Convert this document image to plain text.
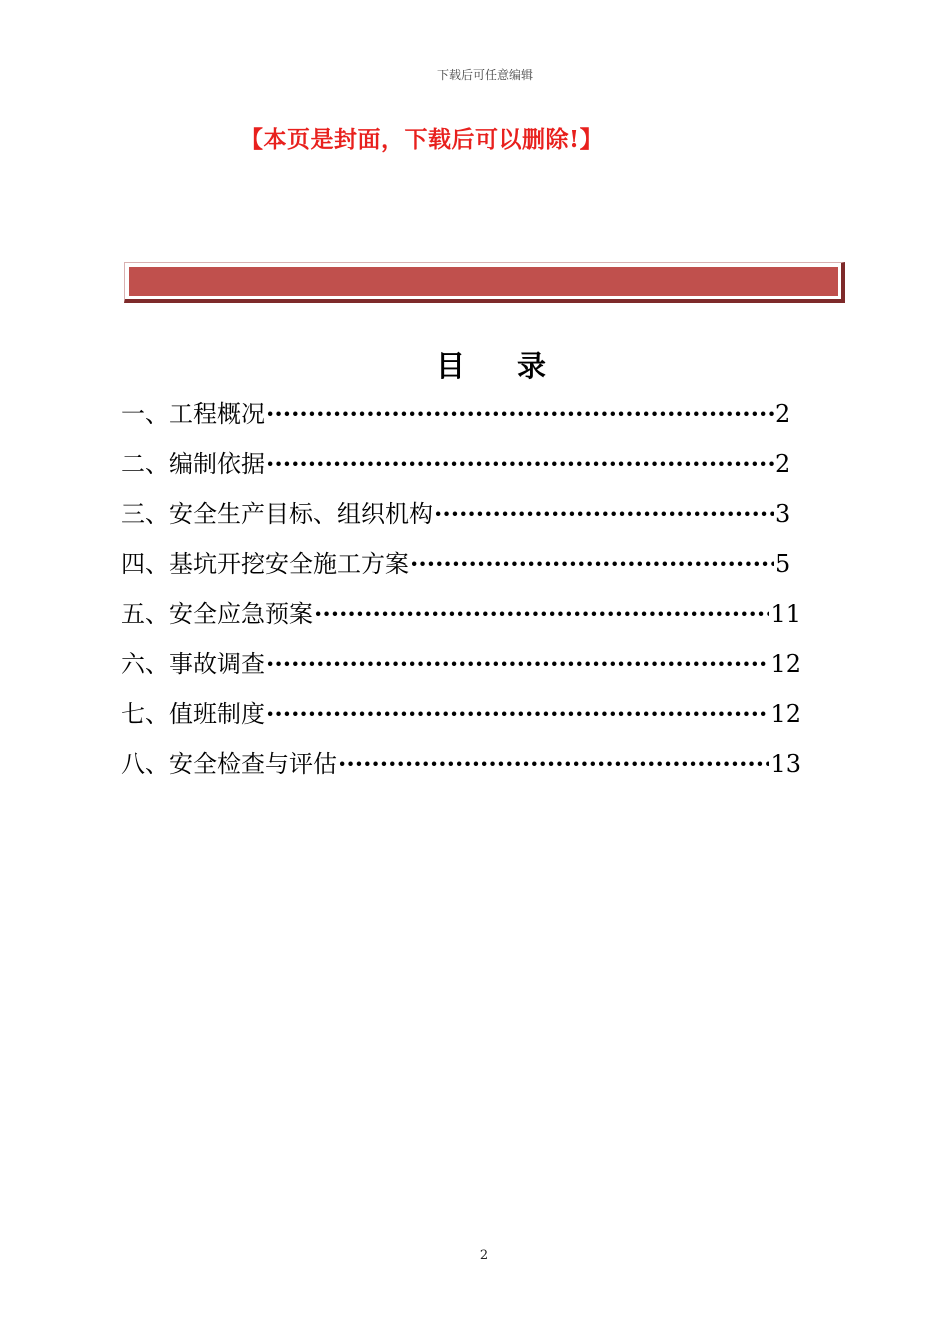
下载后可任意编辑
【本页是封面，下载后可以删除!】
目录
一、工程概况 ·····	2
二、编制依据 ·····	2
三、安全生产目标、组织机构 ·····	3
四、基坑开挖安全施工方案 ·····	5
五、安全应急预案 ·····	11
六、事故调查 ·····	12
七、值班制度 ·····	12
八、安全检查与评估 ·····	13
2
